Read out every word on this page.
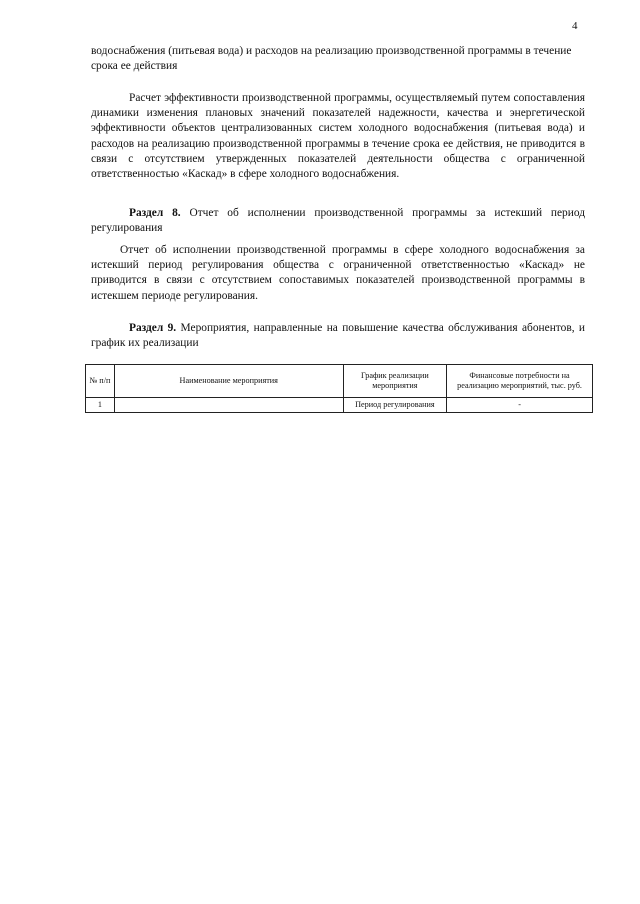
4

водоснабжения (питьевая вода) и расходов на реализацию производственной программы в течение срока ее действия

Расчет эффективности производственной программы, осуществляемый путем сопоставления динамики изменения плановых значений показателей надежности, качества и энергетической эффективности объектов централизованных систем холодного водоснабжения (питьевая вода) и расходов на реализацию производственной программы в течение срока ее действия, не приводится в связи с отсутствием утвержденных показателей деятельности общества с ограниченной ответственностью «Каскад» в сфере холодного водоснабжения.

Раздел 8. Отчет об исполнении производственной программы за истекший период регулирования

Отчет об исполнении производственной программы в сфере холодного водоснабжения за истекший период регулирования общества с ограниченной ответственностью «Каскад» не приводится в связи с отсутствием сопоставимых показателей производственной программы в истекшем периоде регулирования.

Раздел 9. Мероприятия, направленные на повышение качества обслуживания абонентов, и график их реализации

№ п/п	Наименование мероприятия	График реализации мероприятия	Финансовые потребности на реализацию мероприятий, тыс. руб.
1		Период регулирования	-
